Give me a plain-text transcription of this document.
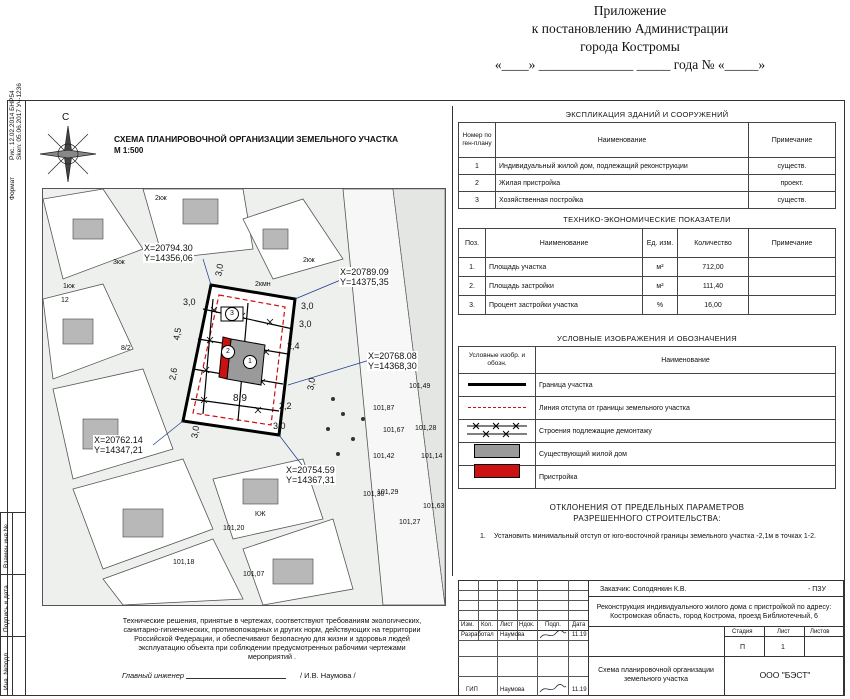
Приложение
к постановлению Администрации
города Костромы
«____» ______________ _____ года № «_____»
Рис. 12.02.2014 БНР54 Sken: 05.06.2017 Уч-1236
Формат
Взамен инв.№
Подпись и дата
Инв. №подл.
С
СХЕМА ПЛАНИРОВОЧНОЙ ОРГАНИЗАЦИИ ЗЕМЕЛЬНОГО УЧАСТКА
М 1:500
1
2
3
X=20794.30
Y=14356,06
X=20789.09
Y=14375,35
X=20768.08
Y=14368,30
X=20762.14
Y=14347,21
X=20754.59
Y=14367,31
3,0
3,0	3,0
3,0
2,4
4,5
2,6
2,2
8,9
3,0
3,0
3,0
2кж
3кж	2кж
2кмн
1кж
12
8/2
101,49
101,87
101,67 101,28
101,14
101,30
101,20
101,29
101,27
101,63
101,07
101,18
101,42
КЖ
Технические решения, принятые в чертежах, соответствуют требованиям экологических, санитарно-гигиенических, противопожарных и других норм, действующих на территории Российской Федерации, и обеспечивают безопасную для жизни и здоровья людей эксплуатацию объекта при соблюдении предусмотренных рабочими чертежами мероприятий .
Главный инженер	/ И.В. Наумова /
ЭКСПЛИКАЦИЯ ЗДАНИЙ И СООРУЖЕНИЙ
Номер по ген-плану	Наименование	Примечание
1	Индивидуальный жилой дом, подлежащий реконструкции	существ.
2	Жилая пристройка	проект.
3	Хозяйственная постройка	существ.
ТЕХНИКО-ЭКОНОМИЧЕСКИЕ ПОКАЗАТЕЛИ
Поз.	Наименование	Ед. изм.	Количество	Примечание
1.	Площадь участка	м²	712,00	
2.	Площадь застройки	м²	111,40	
3.	Процент застройки участка	%	16,00	
УСЛОВНЫЕ ИЗОБРАЖЕНИЯ И ОБОЗНАЧЕНИЯ
Условные изобр. и обозн.	Наименование
	Граница участка
	Линия отступа от границы земельного участка
	Строения подлежащие демонтажу
	Существующий жилой дом
	Пристройка
ОТКЛОНЕНИЯ ОТ ПРЕДЕЛЬНЫХ ПАРАМЕТРОВ
РАЗРЕШЕННОГО СТРОИТЕЛЬСТВА:
1. Установить минимальный отступ от юго-восточной границы земельного участка -2,1м в точках 1-2.
Изм. Кол. Лист Ндок. Подп. Дата
Разработал Наумова	11.19
ГИП	Наумова	11.19
Заказчик: Солодянкин К.В.	- ПЗУ
Реконструкция индивидуального жилого дома с пристройкой по адресу: Костромская область, город Кострома, проезд Библиотечный, 6
Стадия	Лист	Листов
П	1
Схема планировочной организации земельного участка	ООО "БЭСТ"
